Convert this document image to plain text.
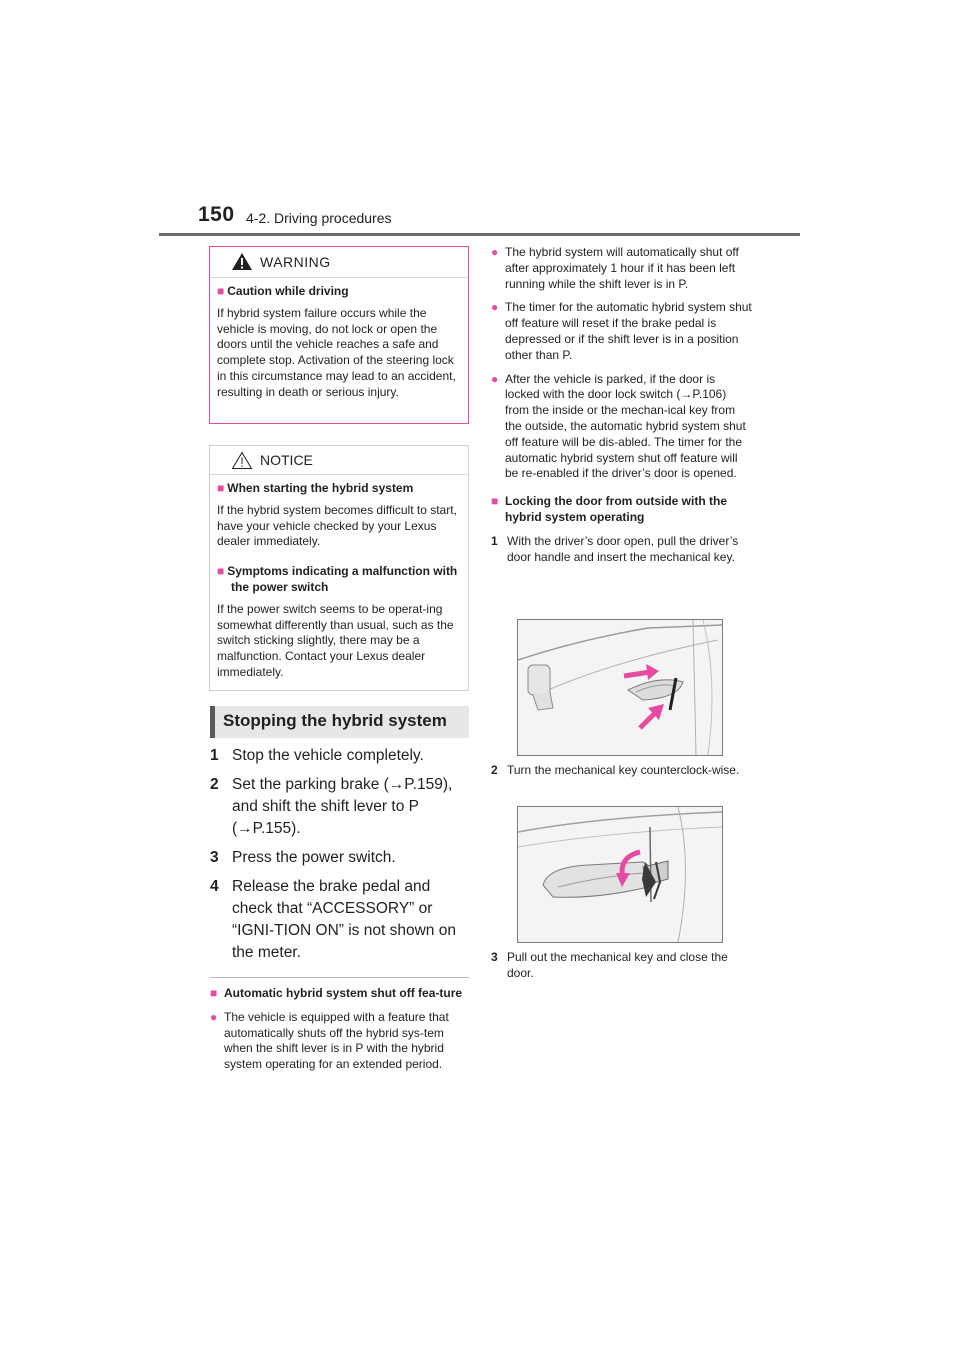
150 4-2. Driving procedures
WARNING
■ Caution while driving
If hybrid system failure occurs while the vehicle is moving, do not lock or open the doors until the vehicle reaches a safe and complete stop. Activation of the steering lock in this circumstance may lead to an accident, resulting in death or serious injury.
NOTICE
■ When starting the hybrid system
If the hybrid system becomes difficult to start, have your vehicle checked by your Lexus dealer immediately.
■ Symptoms indicating a malfunction with the power switch
If the power switch seems to be operat-ing somewhat differently than usual, such as the switch sticking slightly, there may be a malfunction. Contact your Lexus dealer immediately.
Stopping the hybrid system
1 Stop the vehicle completely.
2 Set the parking brake (→P.159), and shift the shift lever to P (→P.155).
3 Press the power switch.
4 Release the brake pedal and check that “ACCESSORY” or “IGNI-TION ON” is not shown on the meter.
■ Automatic hybrid system shut off fea-ture
● The vehicle is equipped with a feature that automatically shuts off the hybrid sys-tem when the shift lever is in P with the hybrid system operating for an extended period.
● The hybrid system will automatically shut off after approximately 1 hour if it has been left running while the shift lever is in P.
● The timer for the automatic hybrid system shut off feature will reset if the brake pedal is depressed or if the shift lever is in a position other than P.
● After the vehicle is parked, if the door is locked with the door lock switch (→P.106) from the inside or the mechan-ical key from the outside, the automatic hybrid system shut off feature will be dis-abled. The timer for the automatic hybrid system shut off feature will be re-enabled if the driver’s door is opened.
■ Locking the door from outside with the hybrid system operating
1 With the driver’s door open, pull the driver’s door handle and insert the mechanical key.
2 Turn the mechanical key counterclock-wise.
3 Pull out the mechanical key and close the door.
